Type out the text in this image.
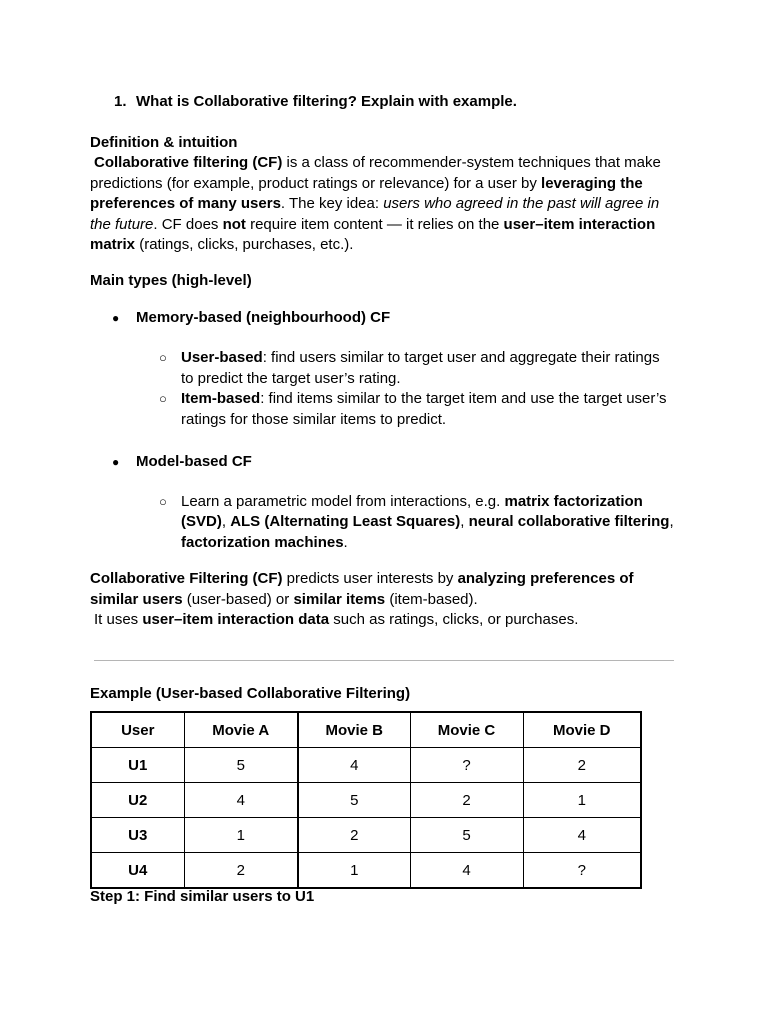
1. What is Collaborative filtering? Explain with example.
Definition & intuition
Collaborative filtering (CF) is a class of recommender-system techniques that make
predictions (for example, product ratings or relevance) for a user by leveraging the
preferences of many users. The key idea: users who agreed in the past will agree in
the future. CF does not require item content — it relies on the user–item interaction
matrix (ratings, clicks, purchases, etc.).
Main types (high-level)
● Memory-based (neighbourhood) CF
○ User-based: find users similar to target user and aggregate their ratings
to predict the target user’s rating.
○ Item-based: find items similar to the target item and use the target user’s
ratings for those similar items to predict.
● Model-based CF
○ Learn a parametric model from interactions, e.g. matrix factorization
(SVD), ALS (Alternating Least Squares), neural collaborative filtering,
factorization machines.
Collaborative Filtering (CF) predicts user interests by analyzing preferences of
similar users (user-based) or similar items (item-based).
It uses user–item interaction data such as ratings, clicks, or purchases.
Example (User-based Collaborative Filtering)
User	Movie A	Movie B	Movie C	Movie D
U1	5	4	?	2
U2	4	5	2	1
U3	1	2	5	4
U4	2	1	4	?
Step 1: Find similar users to U1
